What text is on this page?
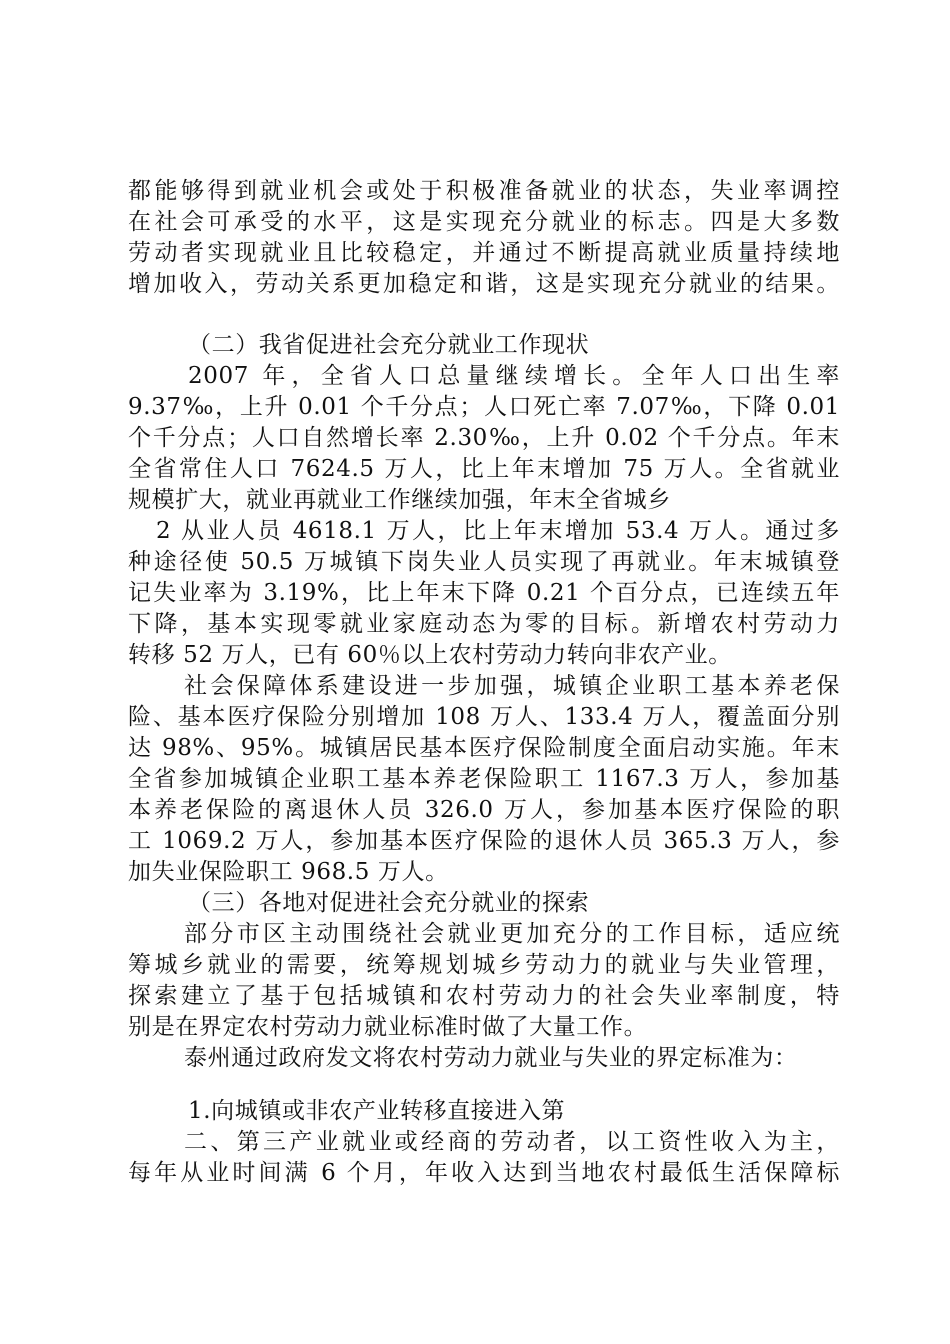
都能够得到就业机会或处于积极准备就业的状态，失业率调控
在社会可承受的水平，这是实现充分就业的标志。四是大多数
劳动者实现就业且比较稳定，并通过不断提高就业质量持续地
增加收入，劳动关系更加稳定和谐，这是实现充分就业的结果。
（二）我省促进社会充分就业工作现状
2007 年，全省人口总量继续增长。全年人口出生率
9.37‰，上升 0.01 个千分点；人口死亡率 7.07‰，下降 0.01
个千分点；人口自然增长率 2.30‰，上升 0.02 个千分点。年末
全省常住人口 7624.5 万人，比上年末增加 75 万人。全省就业
规模扩大，就业再就业工作继续加强，年末全省城乡
2 从业人员 4618.1 万人，比上年末增加 53.4 万人。通过多
种途径使 50.5 万城镇下岗失业人员实现了再就业。年末城镇登
记失业率为 3.19%，比上年末下降 0.21 个百分点，已连续五年
下降，基本实现零就业家庭动态为零的目标。新增农村劳动力
转移 52 万人，已有 60％以上农村劳动力转向非农产业。
社会保障体系建设进一步加强，城镇企业职工基本养老保
险、基本医疗保险分别增加 108 万人、133.4 万人，覆盖面分别
达 98%、95%。城镇居民基本医疗保险制度全面启动实施。年末
全省参加城镇企业职工基本养老保险职工 1167.3 万人，参加基
本养老保险的离退休人员 326.0 万人，参加基本医疗保险的职
工 1069.2 万人，参加基本医疗保险的退休人员 365.3 万人，参
加失业保险职工 968.5 万人。
（三）各地对促进社会充分就业的探索
部分市区主动围绕社会就业更加充分的工作目标，适应统
筹城乡就业的需要，统筹规划城乡劳动力的就业与失业管理，
探索建立了基于包括城镇和农村劳动力的社会失业率制度，特
别是在界定农村劳动力就业标准时做了大量工作。
泰州通过政府发文将农村劳动力就业与失业的界定标准为：
1.向城镇或非农产业转移直接进入第
二、第三产业就业或经商的劳动者，以工资性收入为主，
每年从业时间满 6 个月，年收入达到当地农村最低生活保障标
